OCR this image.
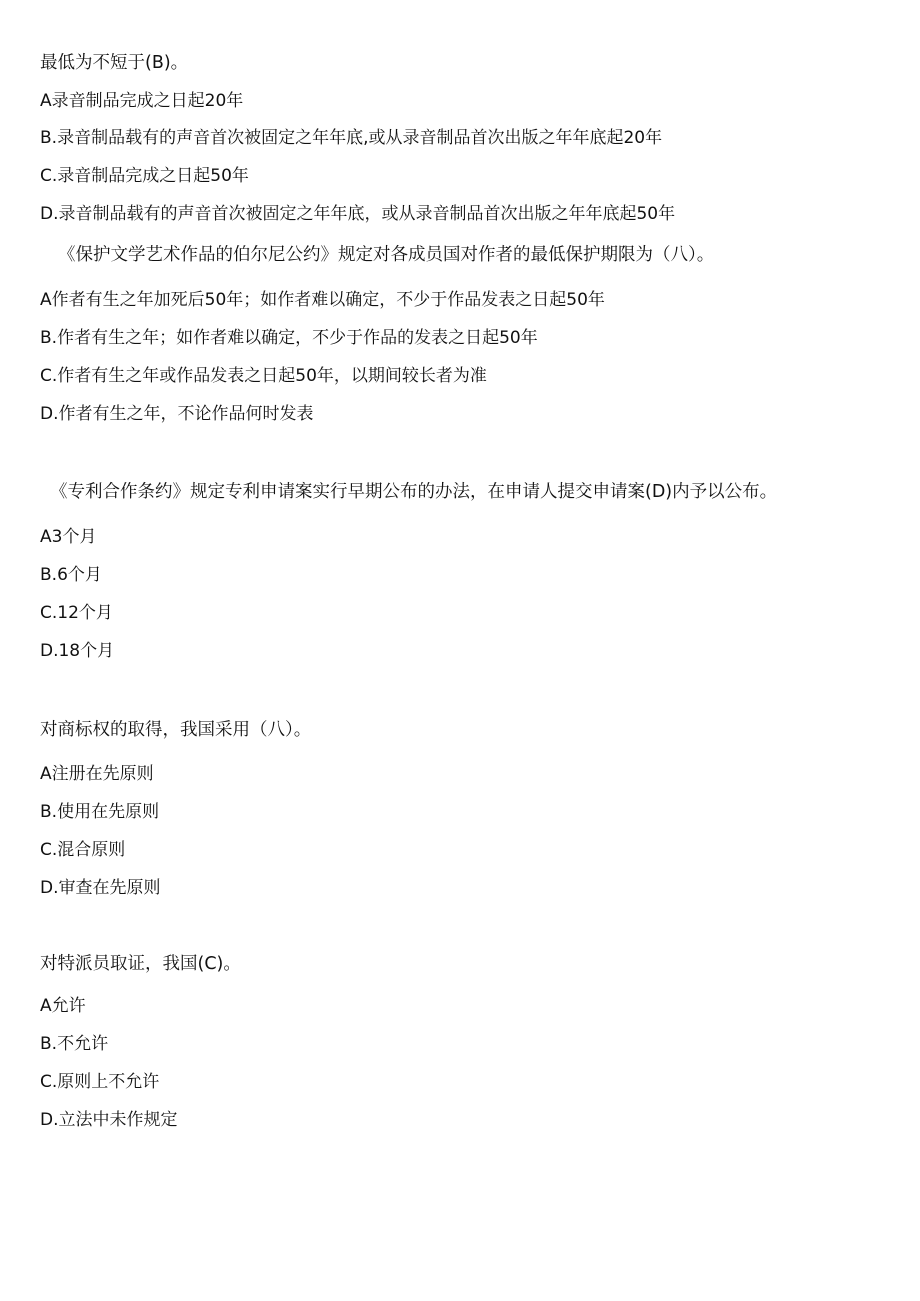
最低为不短于(B)。

A录音制品完成之日起20年

B.录音制品载有的声音首次被固定之年年底,或从录音制品首次出版之年年底起20年

C.录音制品完成之日起50年

D.录音制品载有的声音首次被固定之年年底，或从录音制品首次出版之年年底起50年

《保护文学艺术作品的伯尔尼公约》规定对各成员国对作者的最低保护期限为（八）。

A作者有生之年加死后50年；如作者难以确定，不少于作品发表之日起50年

B.作者有生之年；如作者难以确定，不少于作品的发表之日起50年

C.作者有生之年或作品发表之日起50年，以期间较长者为准

D.作者有生之年，不论作品何时发表

《专利合作条约》规定专利申请案实行早期公布的办法，在申请人提交申请案(D)内予以公布。

A3个月

B.6个月

C.12个月

D.18个月

对商标权的取得，我国采用（八）。

A注册在先原则

B.使用在先原则

C.混合原则

D.审查在先原则

对特派员取证，我国(C)。

A允许

B.不允许

C.原则上不允许

D.立法中未作规定
